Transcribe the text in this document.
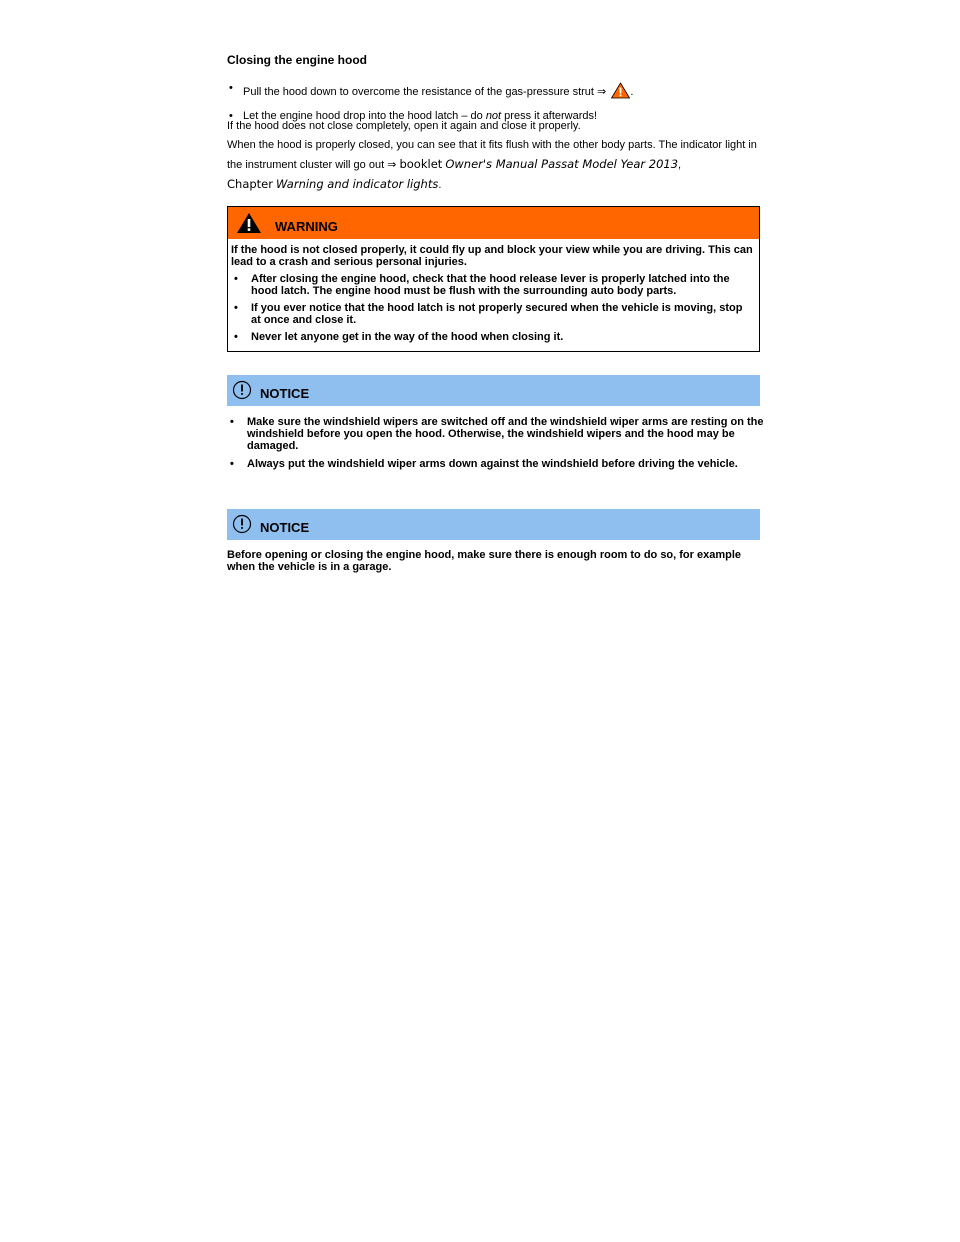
Closing the engine hood
• Pull the hood down to overcome the resistance of the gas-pressure strut ⇒ .
• Let the engine hood drop into the hood latch – do not press it afterwards!
If the hood does not close completely, open it again and close it properly.
When the hood is properly closed, you can see that it fits flush with the other body parts. The indicator light in the instrument cluster will go out ⇒ booklet Owner's Manual Passat Model Year 2013,
Chapter Warning and indicator lights.
WARNING

If the hood is not closed properly, it could fly up and block your view while you are driving. This can lead to a crash and serious personal injuries.

• After closing the engine hood, check that the hood release lever is properly latched into the hood latch. The engine hood must be flush with the surrounding auto body parts.
• If you ever notice that the hood latch is not properly secured when the vehicle is moving, stop at once and close it.
• Never let anyone get in the way of the hood when closing it.
NOTICE
• Make sure the windshield wipers are switched off and the windshield wiper arms are resting on the windshield before you open the hood. Otherwise, the windshield wipers and the hood may be damaged.
• Always put the windshield wiper arms down against the windshield before driving the vehicle.
NOTICE

Before opening or closing the engine hood, make sure there is enough room to do so, for example when the vehicle is in a garage.
